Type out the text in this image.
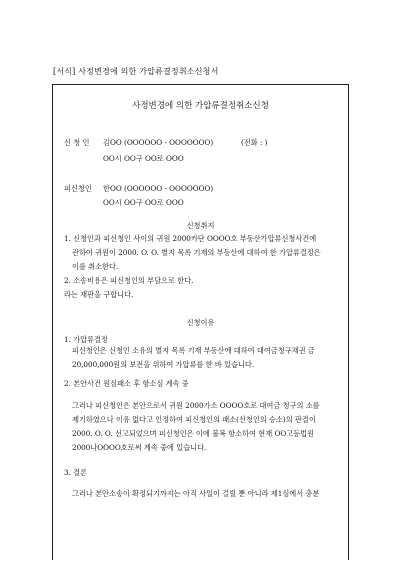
[서식] 사정변경에 의한 가압류결정취소신청서
사정변경에 의한 가압류결정취소신청
신 청 인 김OO (OOOOOO - OOOOOOO)	(전화 : )
OO시 OO구 OO로 OOO
피신청인 한OO (OOOOOO - OOOOOOO)
OO시 OO구 OO로 OOO
신청취지
1. 신청인과 피신청인 사이의 귀원 2000카단 OOOO호 부동산가압류신청사건에
관하여 귀원이 2000. O. O. 별지 목록 기재의 부동산에 대하여 한 가압류결정은
이를 취소한다.
2. 소송비용은 피신청인의 부담으로 한다.
라는 재판을 구합니다.
신청이유
1. 가압류결정
피신청인은 신청인 소유의 별지 목록 기재 부동산에 대하여 대여금청구채권 금
20,000,000원의 보전을 위하여 가압류를 한 바 있습니다.
2. 본안사건 원심패소 후 항소심 계속 중
그러나 피신청인은 본안으로서 귀원 2000가소 OOOO호로 대여금 청구의 소를
제기하였으나 이유 없다고 인정하여 피신청인의 패소(신청인의 승소)의 판결이
2000. O. O. 선고되었으며 피신청인은 이에 불복 항소하여 현재 OO고등법원
2000나OOOO호로써 계속 중에 있습니다.
3. 결론
그러나 본안소송이 확정되기까지는 아직 사일이 걸릴 뿐 아니라 제1심에서 충분
